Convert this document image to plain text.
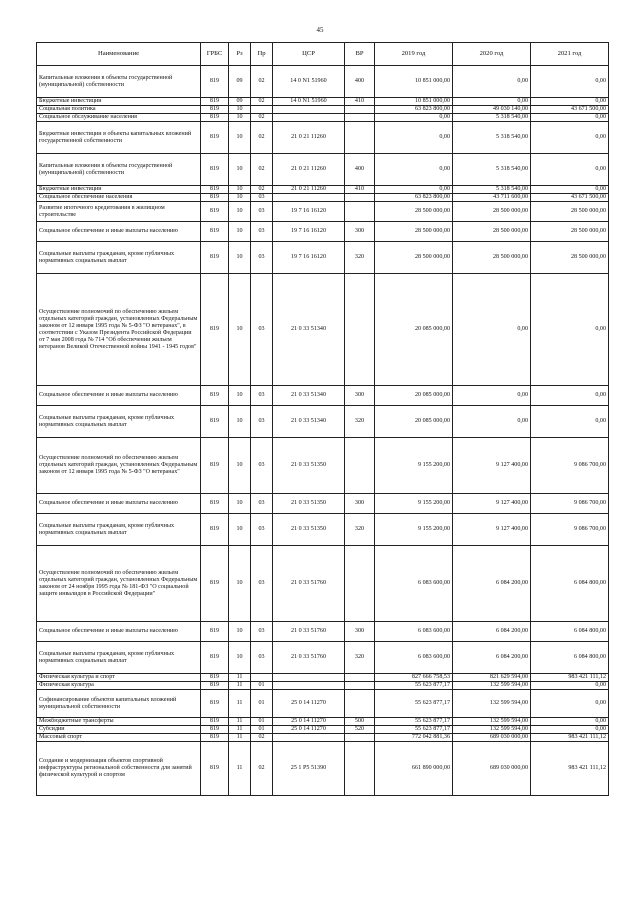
45
Наименование	ГРБС	Рз	Пр	ЦСР	ВР	2019 год	2020 год	2021 год
Капитальные вложения в объекты государственной (муниципальной) собственности	819	09	02	14 0 N1 51960	400	10 851 000,00	0,00	0,00
Бюджетные инвестиции	819	09	02	14 0 N1 51960	410	10 851 000,00	0,00	0,00
Социальная политика	819	10				63 823 800,00	49 030 140,00	43 671 500,00
Социальное обслуживание населения	819	10	02			0,00	5 318 540,00	0,00
Бюджетные инвестиции в объекты капитальных вложений государственной собственности	819	10	02	21 0 21 11260		0,00	5 318 540,00	0,00
Капитальные вложения в объекты государственной (муниципальной) собственности	819	10	02	21 0 21 11260	400	0,00	5 318 540,00	0,00
Бюджетные инвестиции	819	10	02	21 0 21 11260	410	0,00	5 318 540,00	0,00
Социальное обеспечение населения	819	10	03			63 823 800,00	43 711 600,00	43 671 500,00
Развитие ипотечного кредитования в жилищном строительстве	819	10	03	19 7 16 16120		28 500 000,00	28 500 000,00	28 500 000,00
Социальное обеспечение и иные выплаты населению	819	10	03	19 7 16 16120	300	28 500 000,00	28 500 000,00	28 500 000,00
Социальные выплаты гражданам, кроме публичных нормативных социальных выплат	819	10	03	19 7 16 16120	320	28 500 000,00	28 500 000,00	28 500 000,00
Осуществление полномочий по обеспечению жильем отдельных категорий граждан, установленных Федеральным законом от 12 января 1995 года № 5-ФЗ "О ветеранах", в соответствии с Указом Президента Российской Федерации от 7 мая 2008 года № 714 "Об обеспечении жильем ветеранов Великой Отечественной войны 1941 - 1945 годов"	819	10	03	21 0 33 51340		20 085 000,00	0,00	0,00
Социальное обеспечение и иные выплаты населению	819	10	03	21 0 33 51340	300	20 085 000,00	0,00	0,00
Социальные выплаты гражданам, кроме публичных нормативных социальных выплат	819	10	03	21 0 33 51340	320	20 085 000,00	0,00	0,00
Осуществление полномочий по обеспечению жильем отдельных категорий граждан, установленных Федеральным законом от 12 января 1995 года № 5-ФЗ "О ветеранах"	819	10	03	21 0 33 51350		9 155 200,00	9 127 400,00	9 086 700,00
Социальное обеспечение и иные выплаты населению	819	10	03	21 0 33 51350	300	9 155 200,00	9 127 400,00	9 086 700,00
Социальные выплаты гражданам, кроме публичных нормативных социальных выплат	819	10	03	21 0 33 51350	320	9 155 200,00	9 127 400,00	9 086 700,00
Осуществление полномочий по обеспечению жильем отдельных категорий граждан, установленных Федеральным законом от 24 ноября 1995 года № 181-ФЗ "О социальной защите инвалидов в Российской Федерации"	819	10	03	21 0 33 51760		6 083 600,00	6 084 200,00	6 084 800,00
Социальное обеспечение и иные выплаты населению	819	10	03	21 0 33 51760	300	6 083 600,00	6 084 200,00	6 084 800,00
Социальные выплаты гражданам, кроме публичных нормативных социальных выплат	819	10	03	21 0 33 51760	320	6 083 600,00	6 084 200,00	6 084 800,00
Физическая культура и спорт	819	11				827 666 758,53	821 629 594,00	983 421 111,12
Физическая культура	819	11	01			55 623 877,17	132 599 594,00	0,00
Софинансирование объектов капитальных вложений муниципальной собственности	819	11	01	25 0 14 11270		55 623 877,17	132 599 594,00	0,00
Межбюджетные трансферты	819	11	01	25 0 14 11270	500	55 623 877,17	132 599 594,00	0,00
Субсидии	819	11	01	25 0 14 11270	520	55 623 877,17	132 599 594,00	0,00
Массовый спорт	819	11	02			772 042 881,36	689 030 000,00	983 421 111,12
Создание и модернизация объектов спортивной инфраструктуры региональной собственности для занятий физической культурой и спортом	819	11	02	25 1 P5 51390		661 890 000,00	689 030 000,00	983 421 111,12
